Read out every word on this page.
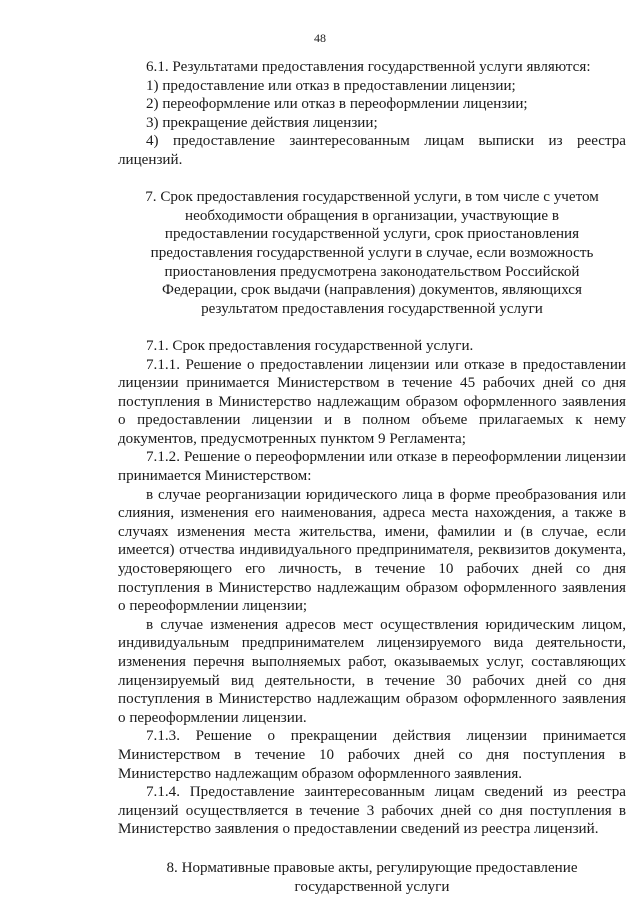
48

6.1. Результатами предоставления государственной услуги являются:

1) предоставление или отказ в предоставлении лицензии;

2) переоформление или отказ в переоформлении лицензии;

3) прекращение действия лицензии;

4) предоставление заинтересованным лицам выписки из реестра лицензий.

7. Срок предоставления государственной услуги, в том числе с учетом необходимости обращения в организации, участвующие в предоставлении государственной услуги, срок приостановления предоставления государственной услуги в случае, если возможность приостановления предусмотрена законодательством Российской Федерации, срок выдачи (направления) документов, являющихся результатом предоставления государственной услуги

7.1. Срок предоставления государственной услуги.

7.1.1. Решение о предоставлении лицензии или отказе в предоставлении лицензии принимается Министерством в течение 45 рабочих дней со дня поступления в Министерство надлежащим образом оформленного заявления о предоставлении лицензии и в полном объеме прилагаемых к нему документов, предусмотренных пунктом 9 Регламента;

7.1.2. Решение о переоформлении или отказе в переоформлении лицензии принимается Министерством:

в случае реорганизации юридического лица в форме преобразования или слияния, изменения его наименования, адреса места нахождения, а также в случаях изменения места жительства, имени, фамилии и (в случае, если имеется) отчества индивидуального предпринимателя, реквизитов документа, удостоверяющего его личность, в течение 10 рабочих дней со дня поступления в Министерство надлежащим образом оформленного заявления о переоформлении лицензии;

в случае изменения адресов мест осуществления юридическим лицом, индивидуальным предпринимателем лицензируемого вида деятельности, изменения перечня выполняемых работ, оказываемых услуг, составляющих лицензируемый вид деятельности, в течение 30 рабочих дней со дня поступления в Министерство надлежащим образом оформленного заявления о переоформлении лицензии.

7.1.3. Решение о прекращении действия лицензии принимается Министерством в течение 10 рабочих дней со дня поступления в Министерство надлежащим образом оформленного заявления.

7.1.4. Предоставление заинтересованным лицам сведений из реестра лицензий осуществляется в течение 3 рабочих дней со дня поступления в Министерство заявления о предоставлении сведений из реестра лицензий.

8. Нормативные правовые акты, регулирующие предоставление государственной услуги
